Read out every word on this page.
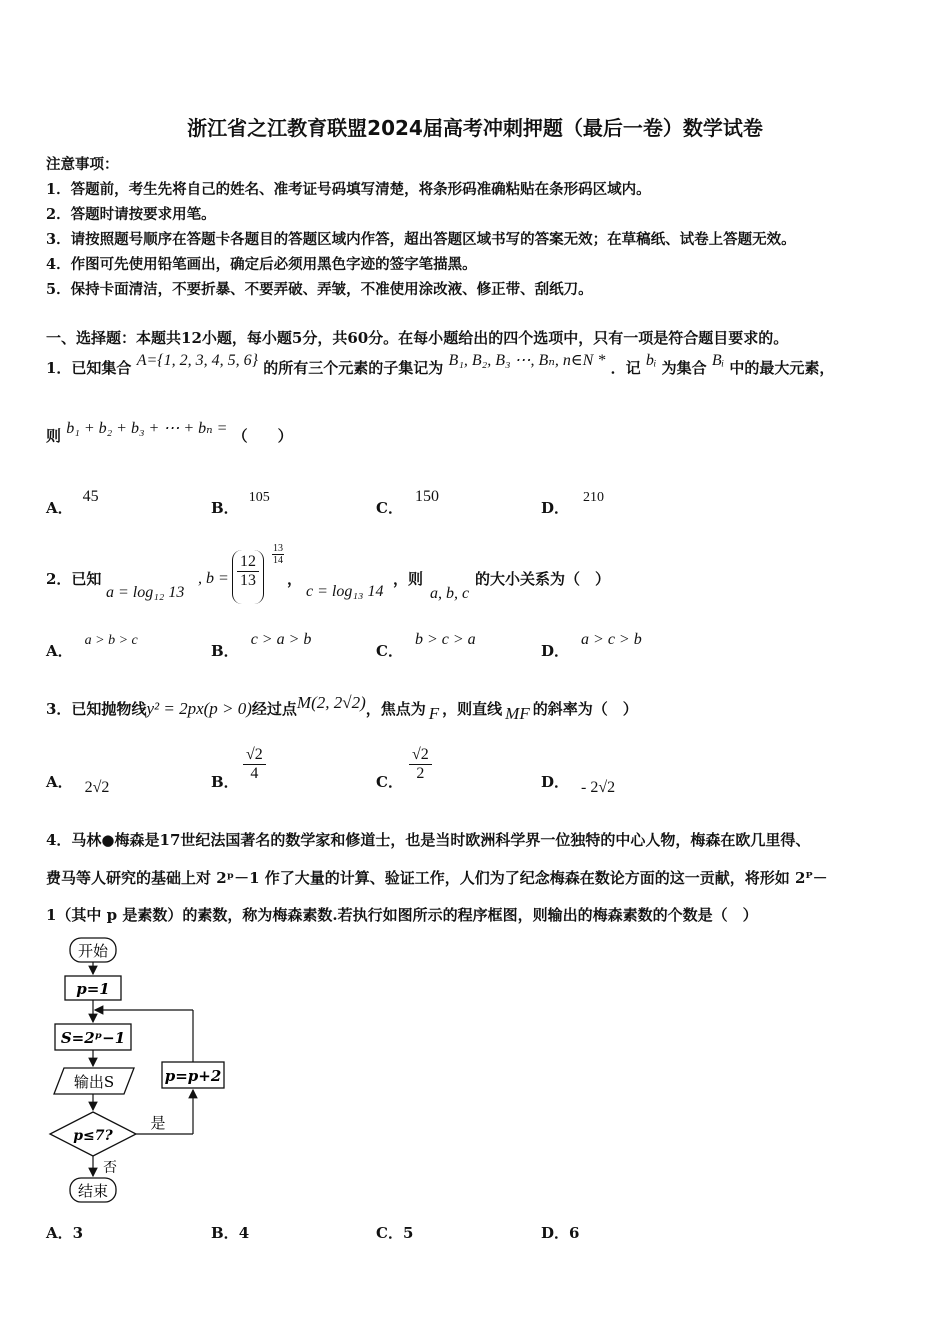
浙江省之江教育联盟2024届高考冲刺押题（最后一卷）数学试卷
注意事项：
1．答题前，考生先将自己的姓名、准考证号码填写清楚，将条形码准确粘贴在条形码区域内。
2．答题时请按要求用笔。
3．请按照题号顺序在答题卡各题目的答题区域内作答，超出答题区域书写的答案无效；在草稿纸、试卷上答题无效。
4．作图可先使用铅笔画出，确定后必须用黑色字迹的签字笔描黑。
5．保持卡面清洁，不要折暴、不要弄破、弄皱，不准使用涂改液、修正带、刮纸刀。
一、选择题：本题共12小题，每小题5分，共60分。在每小题给出的四个选项中，只有一项是符合题目要求的。
1．已知集合 A={1, 2, 3, 4, 5, 6} 的所有三个元素的子集记为 B₁, B₂, B₃ ⋯, Bₙ, n∈N * ．记 bᵢ 为集合 Bᵢ 中的最大元素，
则 b₁ + b₂ + b₃ + ⋯ + bₙ = （　　）
A．45
B．105
C．150
D．210
2．已知
a = log₁₂ 13
, $b = \frac{12}{13} \frac{13}{14}$
，
c = log₁₃ 14
，则
a, b, c
的大小关系为（　）
A．a > b > c
B．c > a > b
C．b > c > a
D．a > c > b
3．已知抛物线y² = 2px(p > 0)经过点M(2, 2√2)，焦点为 F ，则直线 MF 的斜率为（　）
A． 2√2	B． $\frac{√2}{4}$	C． $\frac{√2}{2}$	D． - 2√2
4．马林●梅森是17世纪法国著名的数学家和修道士，也是当时欧洲科学界一位独特的中心人物，梅森在欧几里得、
费马等人研究的基础上对 2ᵖ－1 作了大量的计算、验证工作，人们为了纪念梅森在数论方面的这一贡献，将形如 2ᴾ－
1（其中 p 是素数）的素数，称为梅森素数.若执行如图所示的程序框图，则输出的梅森素数的个数是（　）
开始
p=1
S=2ᵖ−1
输出S
p≤7?
是
p=p+2
否
结束
A．3	B．4	C．5	D．6
